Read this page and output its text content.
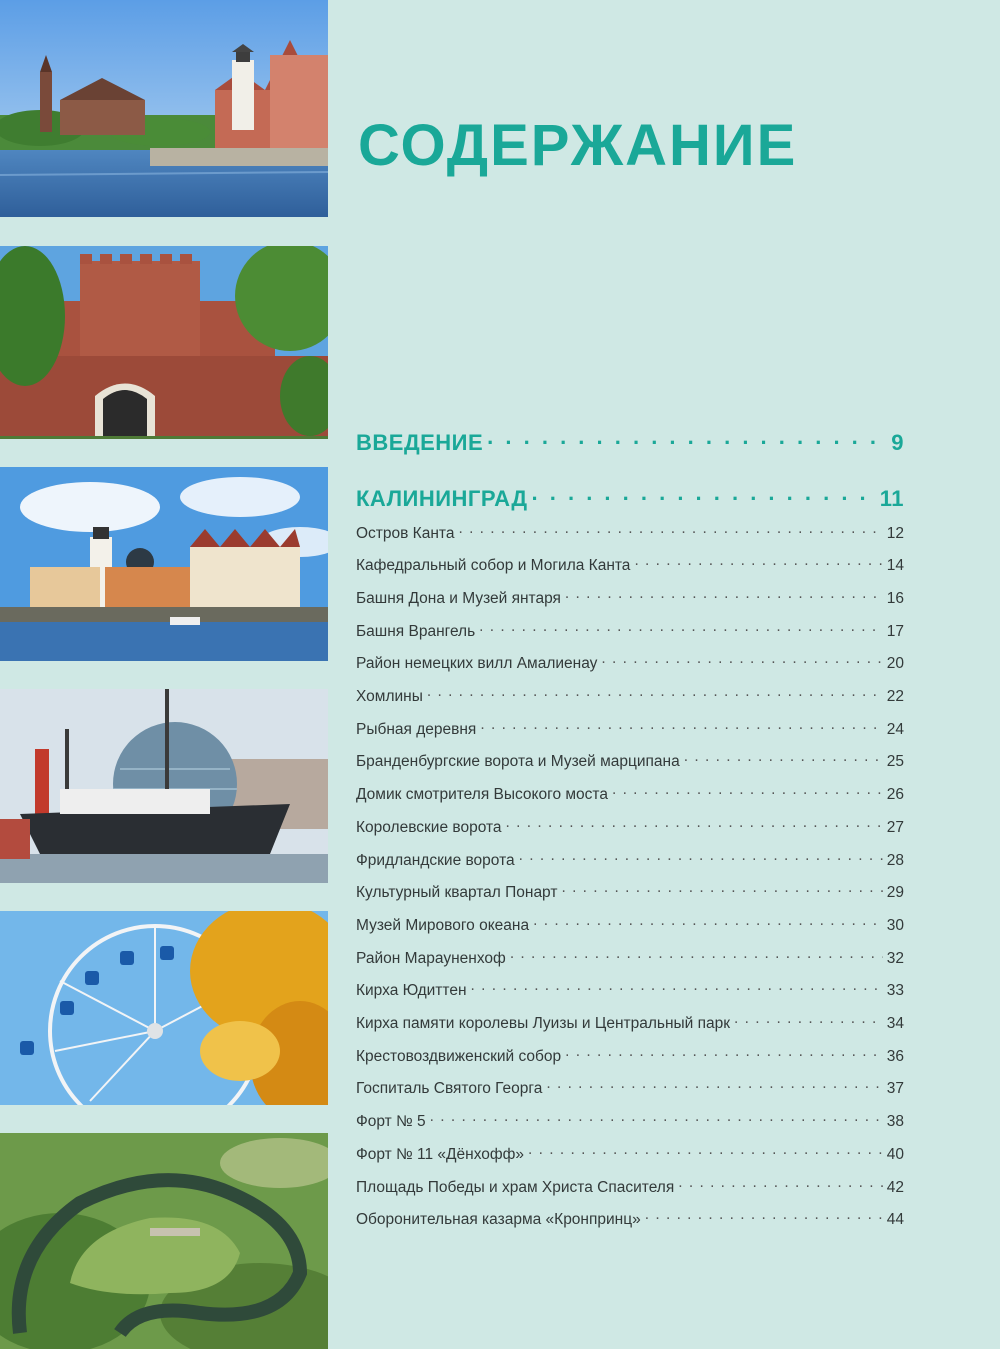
СОДЕРЖАНИЕ
ВВЕДЕНИЕ . . .	9
КАЛИНИНГРАД . . .	11
Остров Канта . . .	12
Кафедральный собор и Могила Канта . . .	14
Башня Дона и Музей янтаря . . .	16
Башня Врангель . . .	17
Район немецких вилл Амалиенау . . .	20
Хомлины . . .	22
Рыбная деревня . . .	24
Бранденбургские ворота и Музей марципана . . .	25
Домик смотрителя Высокого моста . . .	26
Королевские ворота . . .	27
Фридландские ворота . . .	28
Культурный квартал Понарт . . .	29
Музей Мирового океана . . .	30
Район Марауненхоф . . .	32
Кирха Юдиттен . . .	33
Кирха памяти королевы Луизы и Центральный парк . . .	34
Крестовоздвиженский собор . . .	36
Госпиталь Святого Георга . . .	37
Форт № 5 . . .	38
Форт № 11 «Дёнхофф» . . .	40
Площадь Победы и храм Христа Спасителя . . .	42
Оборонительная казарма «Кронпринц» . . .	44
